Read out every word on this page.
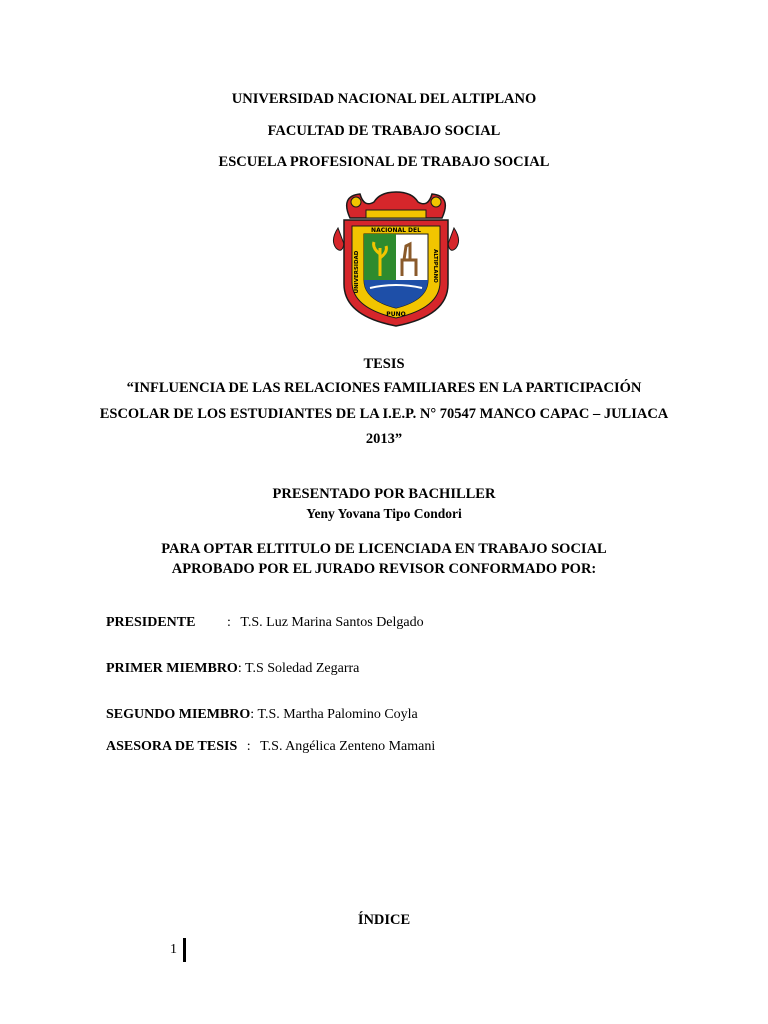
UNIVERSIDAD NACIONAL DEL ALTIPLANO
FACULTAD DE TRABAJO SOCIAL
ESCUELA PROFESIONAL DE TRABAJO SOCIAL
NACIONAL DEL
UNIVERSIDAD	ALTIPLANO
PUNO
TESIS
“INFLUENCIA DE LAS RELACIONES FAMILIARES EN LA PARTICIPACIÓN
ESCOLAR DE LOS ESTUDIANTES DE LA I.E.P. N° 70547 MANCO CAPAC – JULIACA
2013”
PRESENTADO POR BACHILLER
Yeny Yovana Tipo Condori
PARA OPTAR ELTITULO DE LICENCIADA EN TRABAJO SOCIAL
APROBADO POR EL JURADO REVISOR CONFORMADO POR:
PRESIDENTE : T.S. Luz Marina Santos Delgado
PRIMER MIEMBRO: T.S Soledad Zegarra
SEGUNDO MIEMBRO: T.S. Martha Palomino Coyla
ASESORA DE TESIS : T.S. Angélica Zenteno Mamani
ÍNDICE
1
